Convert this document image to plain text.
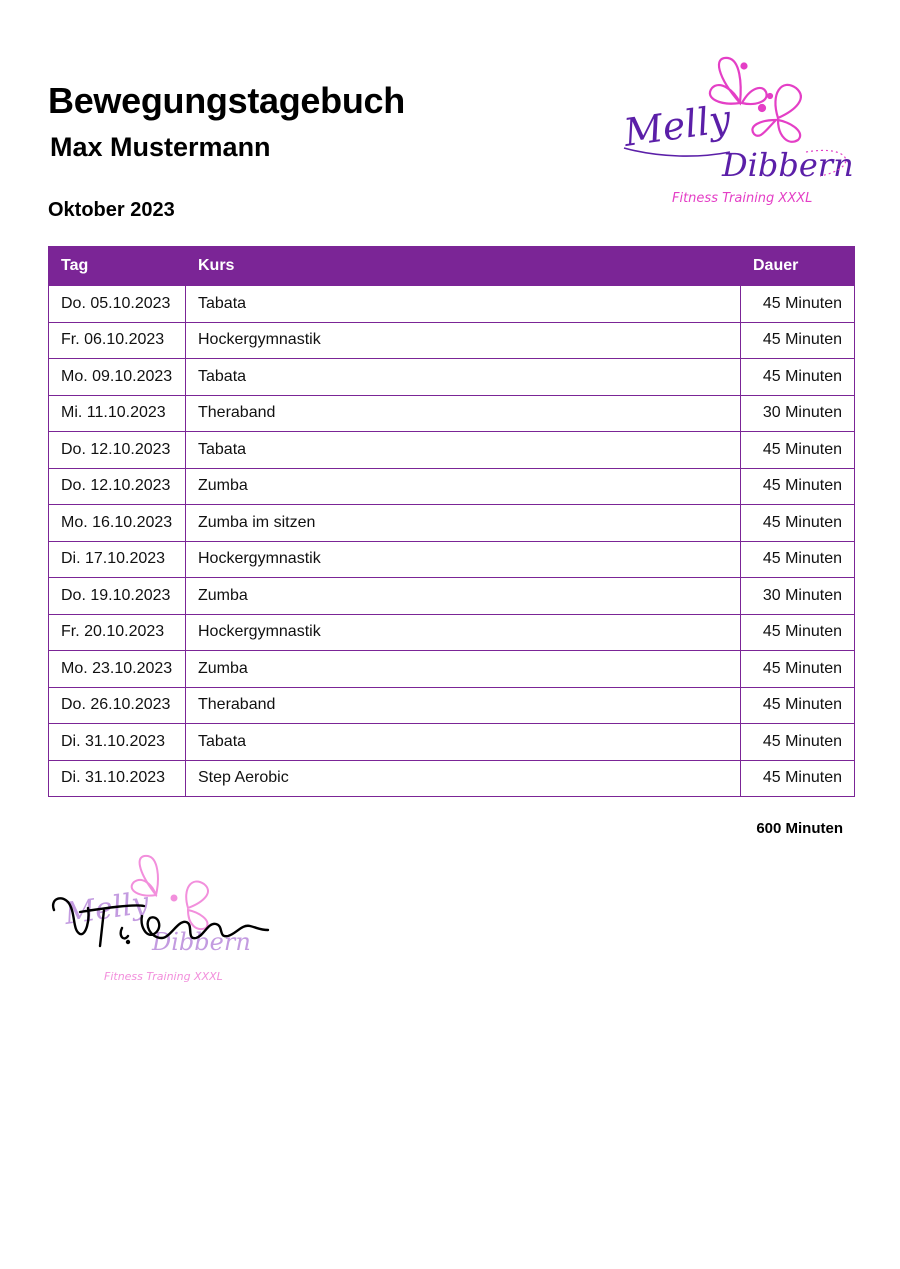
Bewegungstagebuch
Max Mustermann
Oktober 2023
Melly
Dibbern
Fitness Training XXXL
Tag	Kurs	Dauer
Do. 05.10.2023	Tabata	45 Minuten
Fr. 06.10.2023	Hockergymnastik	45 Minuten
Mo. 09.10.2023	Tabata	45 Minuten
Mi. 11.10.2023	Theraband	30 Minuten
Do. 12.10.2023	Tabata	45 Minuten
Do. 12.10.2023	Zumba	45 Minuten
Mo. 16.10.2023	Zumba im sitzen	45 Minuten
Di. 17.10.2023	Hockergymnastik	45 Minuten
Do. 19.10.2023	Zumba	30 Minuten
Fr. 20.10.2023	Hockergymnastik	45 Minuten
Mo. 23.10.2023	Zumba	45 Minuten
Do. 26.10.2023	Theraband	45 Minuten
Di. 31.10.2023	Tabata	45 Minuten
Di. 31.10.2023	Step Aerobic	45 Minuten
600 Minuten
Melly
Dibbern
Fitness Training XXXL
